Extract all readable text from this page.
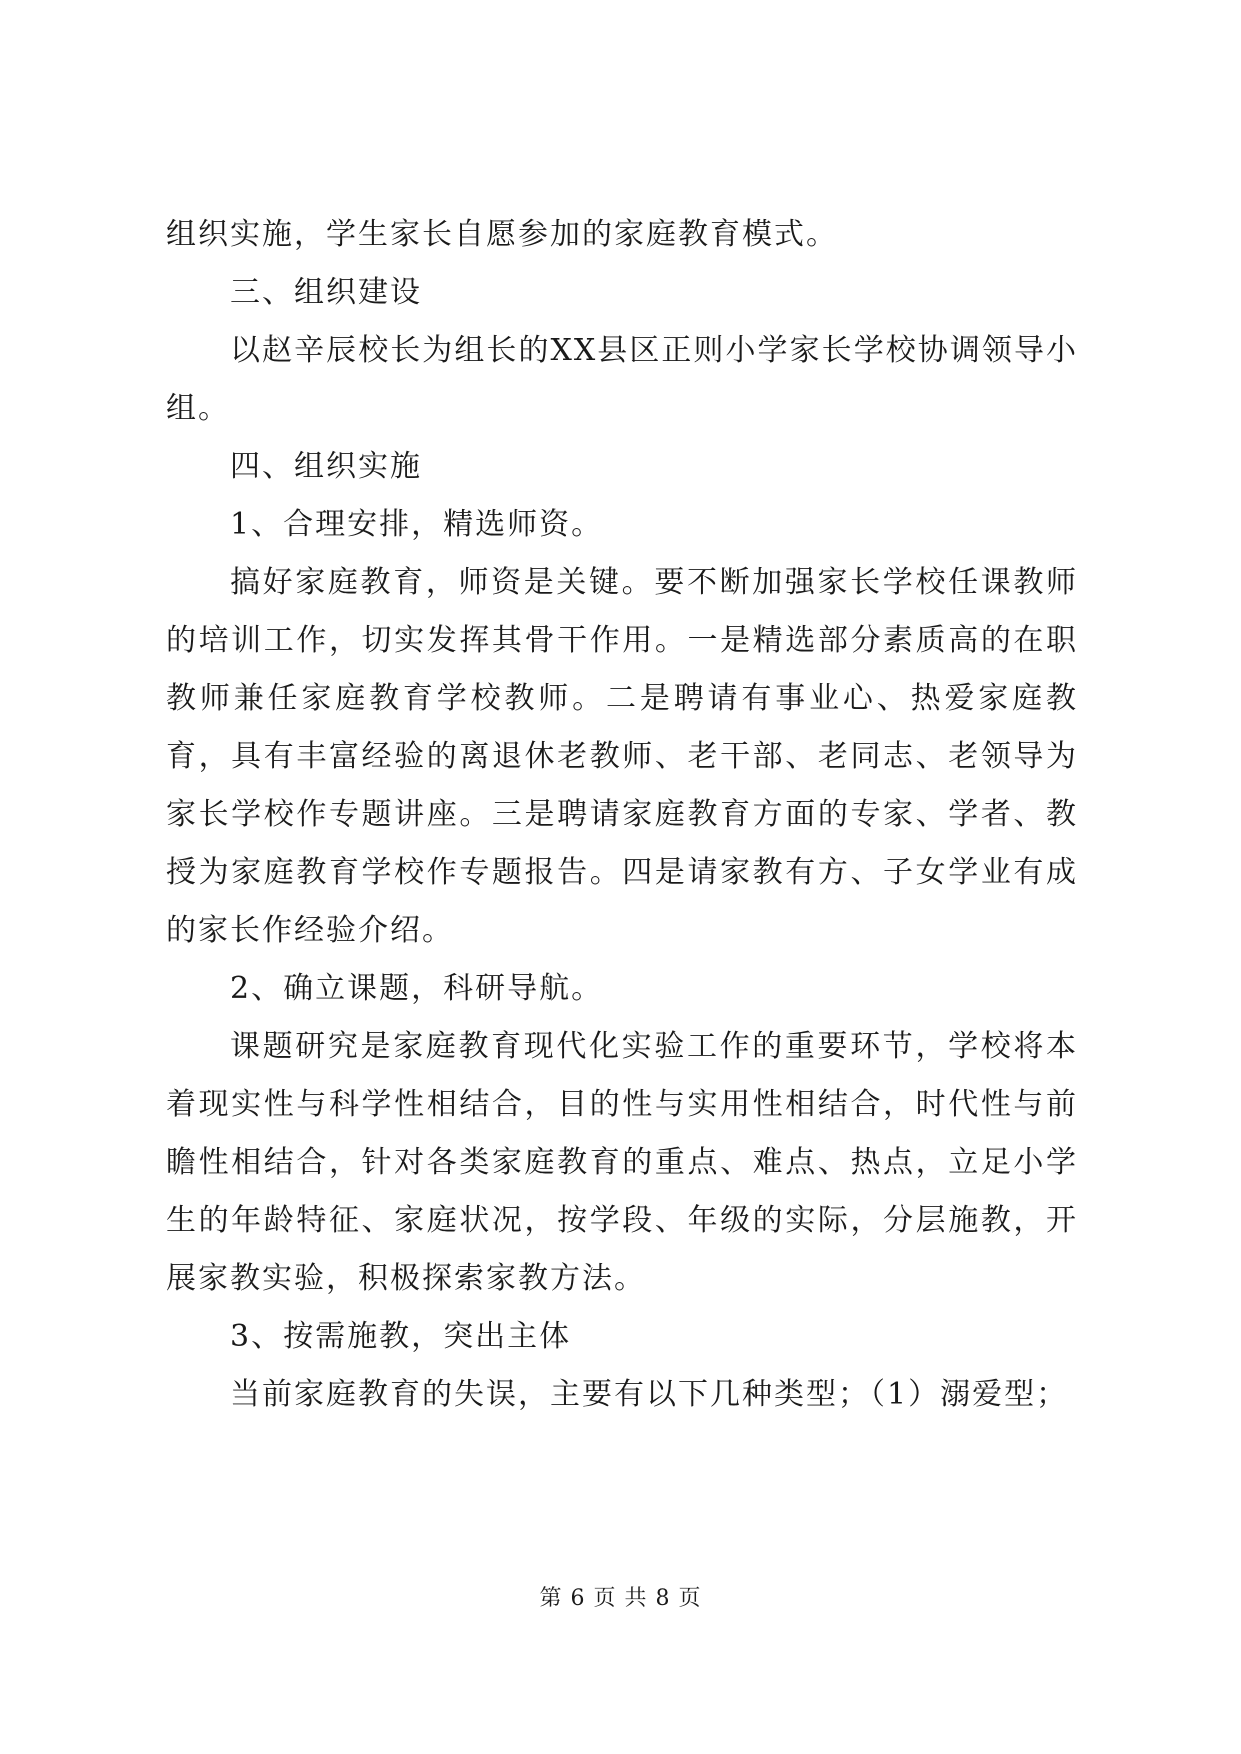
组织实施，学生家长自愿参加的家庭教育模式。

三、组织建设

以赵辛辰校长为组长的XX县区正则小学家长学校协调领导小组。

四、组织实施

1、合理安排，精选师资。

搞好家庭教育，师资是关键。要不断加强家长学校任课教师的培训工作，切实发挥其骨干作用。一是精选部分素质高的在职教师兼任家庭教育学校教师。二是聘请有事业心、热爱家庭教育，具有丰富经验的离退休老教师、老干部、老同志、老领导为家长学校作专题讲座。三是聘请家庭教育方面的专家、学者、教授为家庭教育学校作专题报告。四是请家教有方、子女学业有成的家长作经验介绍。

2、确立课题，科研导航。

课题研究是家庭教育现代化实验工作的重要环节，学校将本着现实性与科学性相结合，目的性与实用性相结合，时代性与前瞻性相结合，针对各类家庭教育的重点、难点、热点，立足小学生的年龄特征、家庭状况，按学段、年级的实际，分层施教，开展家教实验，积极探索家教方法。

3、按需施教，突出主体

当前家庭教育的失误，主要有以下几种类型；（1）溺爱型；

第 6 页 共 8 页
